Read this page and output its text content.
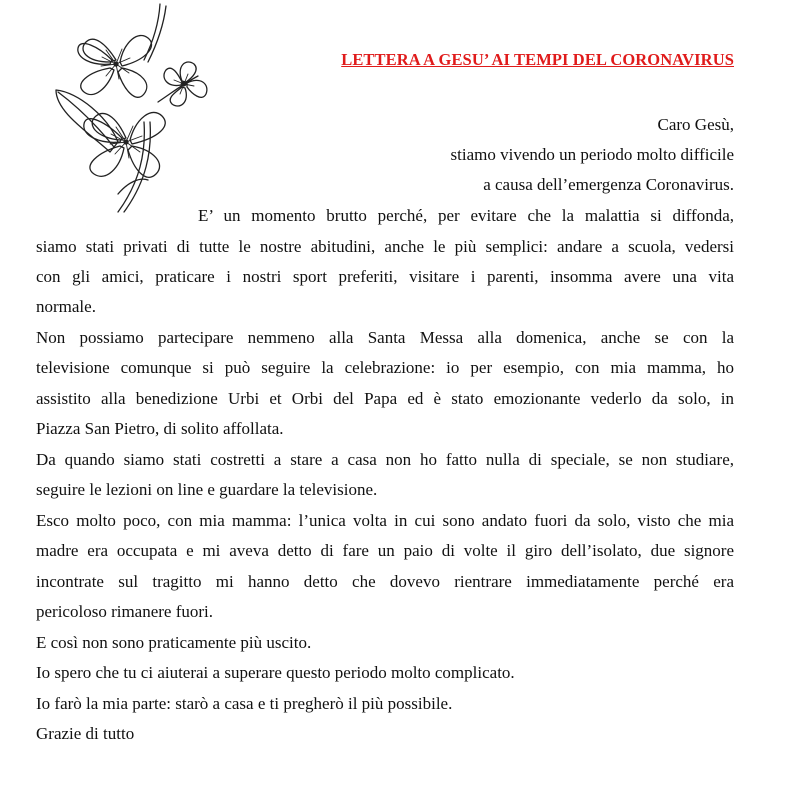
LETTERA A GESU’ AI TEMPI DEL CORONAVIRUS
Caro Gesù,
stiamo vivendo un periodo molto difficile
a causa dell’emergenza Coronavirus.
E’ un momento brutto perché, per evitare che la malattia si diffonda,
siamo stati privati di tutte le nostre abitudini, anche le più semplici: andare a scuola, vedersi
con gli amici, praticare i nostri sport preferiti, visitare i parenti, insomma avere una vita
normale.
Non possiamo partecipare nemmeno alla Santa Messa alla domenica, anche se con la
televisione comunque si può seguire la celebrazione: io per esempio, con mia mamma, ho
assistito alla benedizione Urbi et Orbi del Papa ed è stato emozionante vederlo da solo, in
Piazza San Pietro, di solito affollata.
Da quando siamo stati costretti a stare a casa non ho fatto nulla di speciale, se non studiare,
seguire le lezioni on line e guardare la televisione.
Esco molto poco, con mia mamma: l’unica volta in cui sono andato fuori da solo, visto che mia
madre era occupata e mi aveva detto di fare un paio di volte il giro dell’isolato, due signore
incontrate sul tragitto mi hanno detto che dovevo rientrare immediatamente perché era
pericoloso rimanere fuori.
E così non sono praticamente più uscito.
Io spero che tu ci aiuterai a superare questo periodo molto complicato.
Io farò la mia parte: starò a casa e ti pregherò il più possibile.
Grazie di tutto
